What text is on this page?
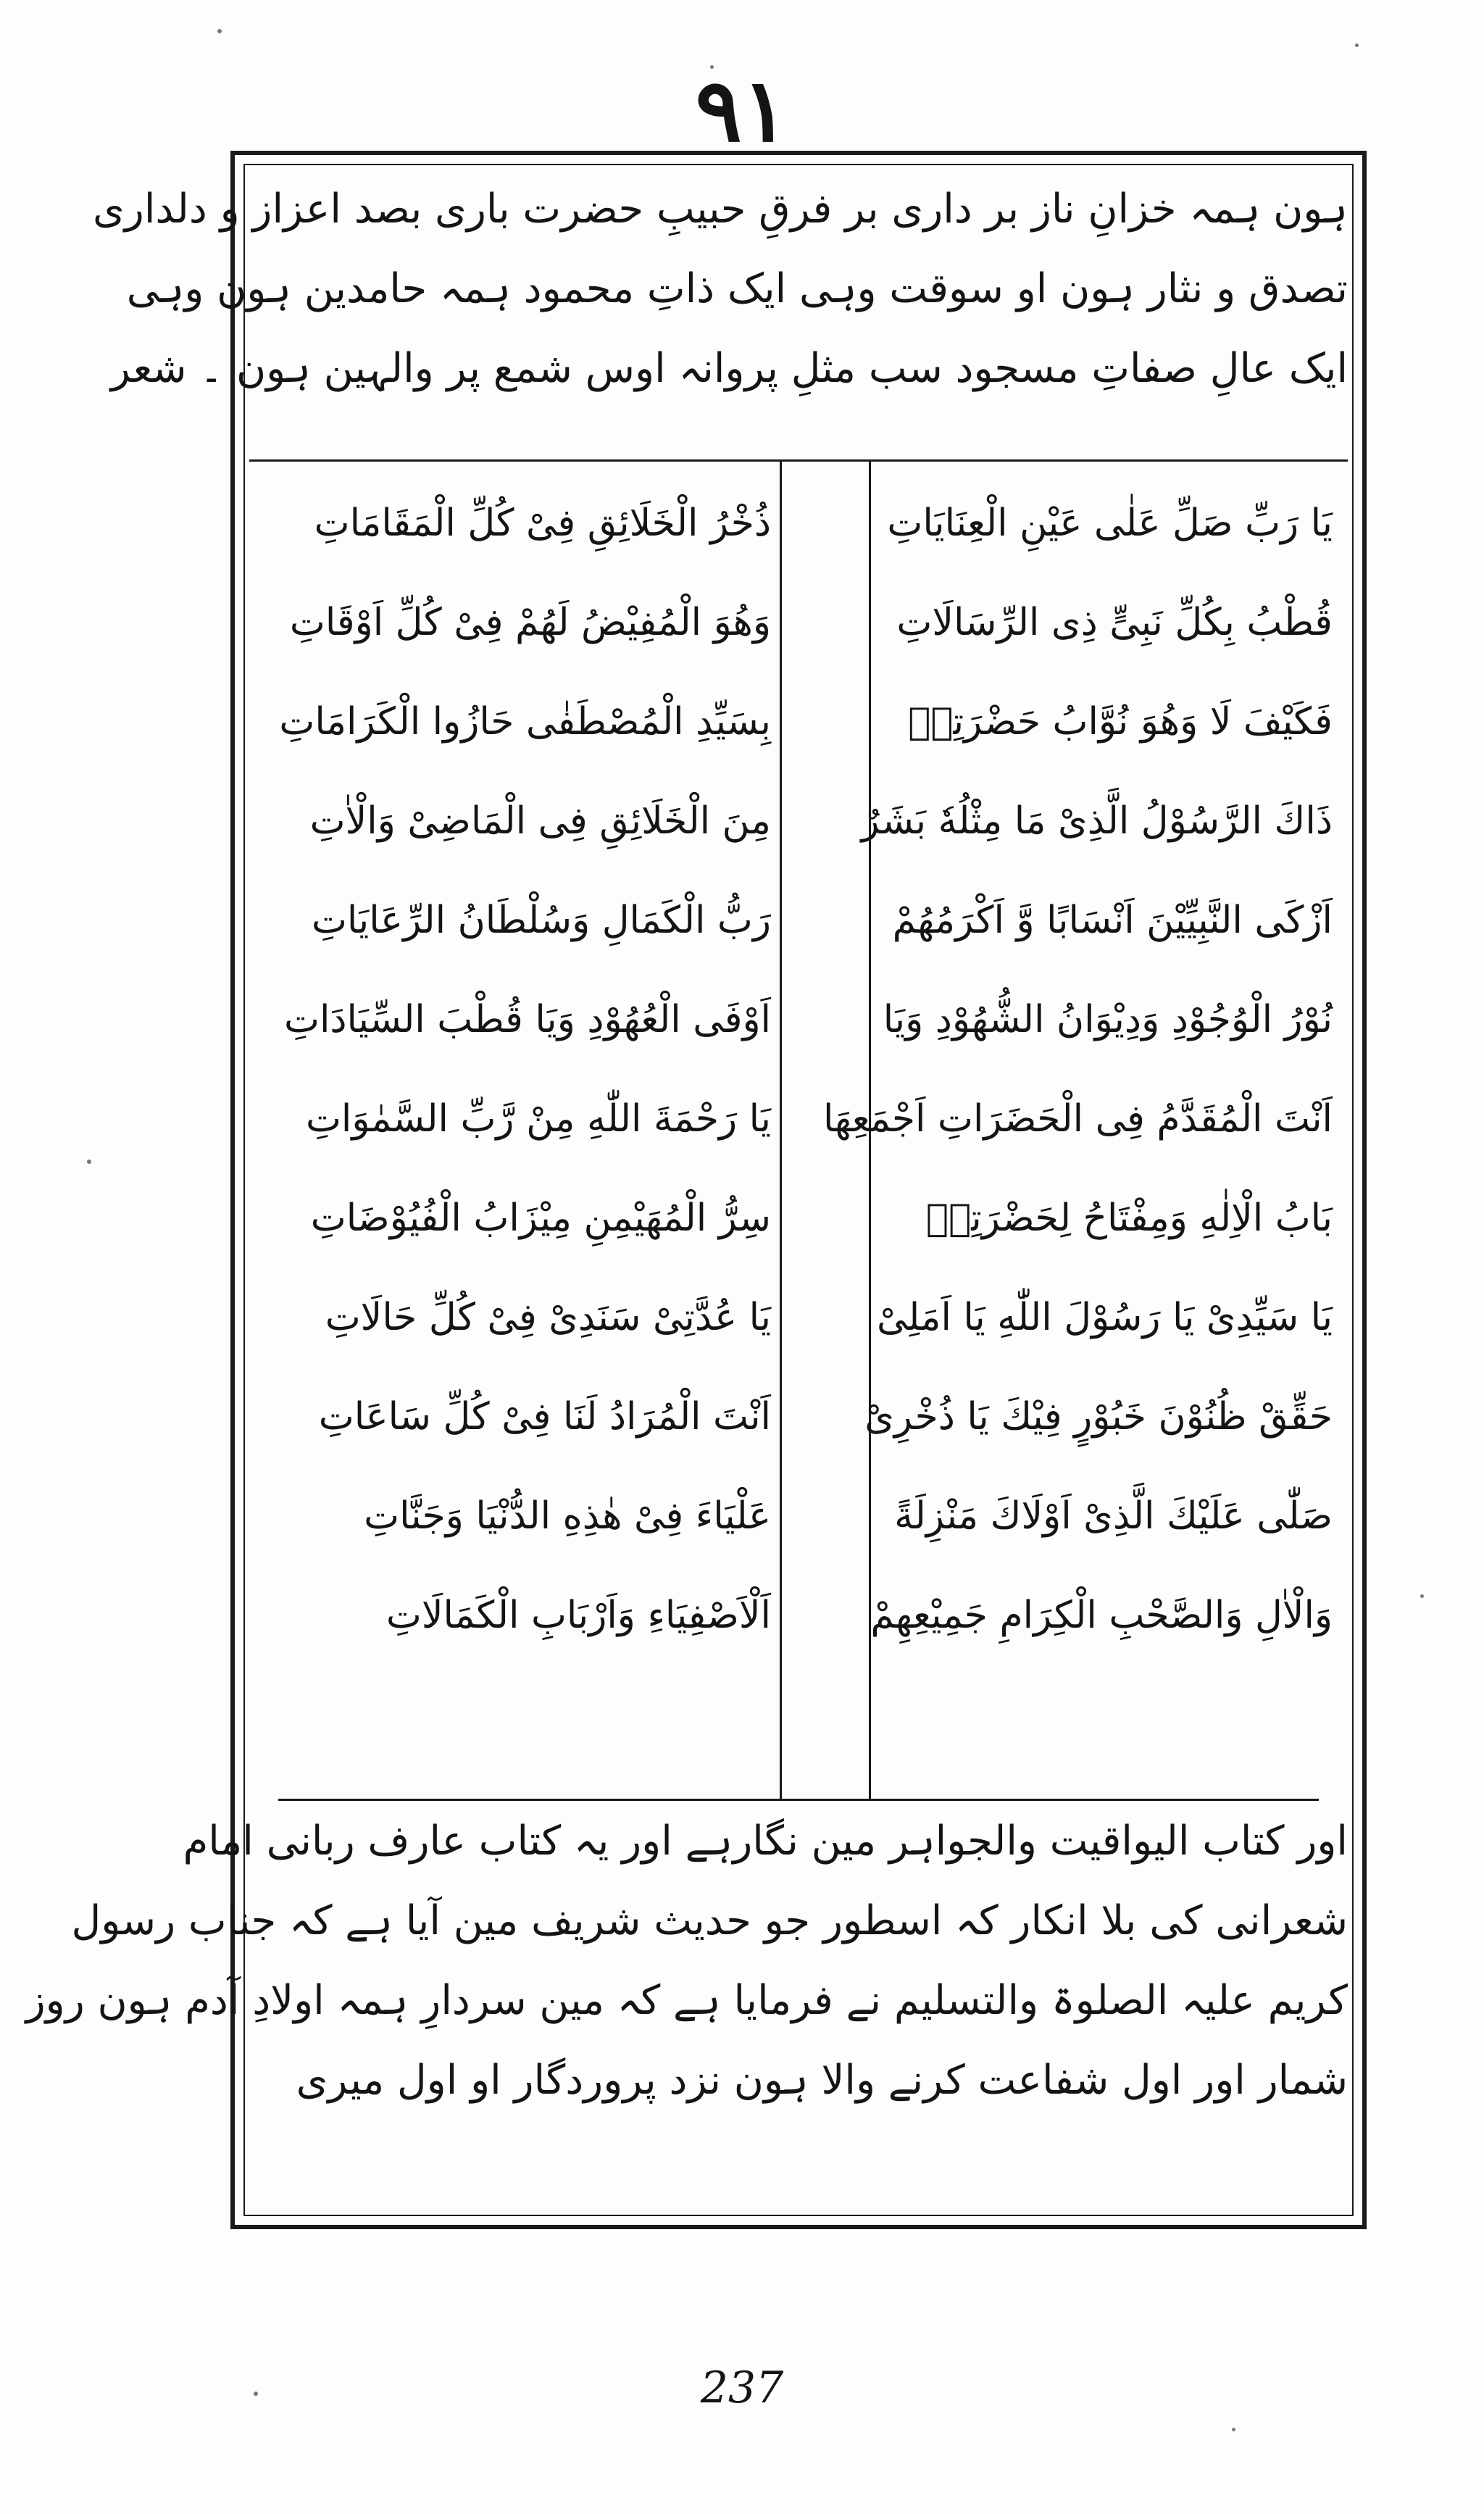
٩١
ہون ہمہ خزانِ ناز بر داری بر فرقِ حبیبِ حضرت باری بصد اعزاز و دلداری
تصدق و نثار ہون او سوقت وہی ایک ذاتِ محمود ہمہ حامدین ہون وہی
ایک عالِ صفاتِ مسجود سب مثلِ پروانہ اوس شمع پر والہین ہون ۔ شعر
یَا رَبِّ صَلِّ عَلٰی عَیْنِ الْعِنَایَاتِ
قُطْبُ بِکُلِّ نَبِیٍّ ذِی الرِّسَالَاتِ
فَکَیْفَ لَا وَهُوَ نُوَّابُ حَضْرَتِهٖ
ذَاكَ الرَّسُوْلُ الَّذِیْ مَا مِثْلُهٗ بَشَرٌ
اَزْکَی النَّبِیِّیْنَ اَنْسَابًا وَّ اَکْرَمُهُمْ
نُوْرُ الْوُجُوْدِ وَدِیْوَانُ الشُّهُوْدِ وَیَا
اَنْتَ الْمُقَدَّمُ فِی الْحَضَرَاتِ اَجْمَعِهَا
بَابُ الْاِلٰهِ وَمِفْتَاحُ لِحَضْرَتِهٖ
یَا سَیِّدِیْ یَا رَسُوْلَ اللّٰهِ یَا اَمَلِیْ
حَقِّقْ ظُنُوْنَ خَبُوْرٍ فِیْكَ یَا ذُخْرِیْ
صَلّٰی عَلَیْكَ الَّذِیْ اَوْلَاكَ مَنْزِلَةً
وَالْاٰلِ وَالصَّحْبِ الْكِرَامِ جَمِیْعِهِمْ
ذُخْرُ الْخَلَائِقِ فِیْ کُلِّ الْمَقَامَاتِ
وَهُوَ الْمُفِیْضُ لَهُمْ فِیْ کُلِّ اَوْقَاتِ
بِسَیِّدِ الْمُصْطَفٰی حَازُوا الْکَرَامَاتِ
مِنَ الْخَلَائِقِ فِی الْمَاضِیْ وَالْاٰتِ
رَبُّ الْکَمَالِ وَسُلْطَانُ الرِّعَایَاتِ
اَوْفَی الْعُهُوْدِ وَیَا قُطْبَ السِّیَادَاتِ
یَا رَحْمَةَ اللّٰهِ مِنْ رَّبِّ السَّمٰوَاتِ
سِرُّ الْمُهَیْمِنِ مِیْزَابُ الْفُیُوْضَاتِ
یَا عُدَّتِیْ سَنَدِیْ فِیْ کُلِّ حَالَاتِ
اَنْتَ الْمُرَادُ لَنَا فِیْ کُلِّ سَاعَاتِ
عَلْیَاءَ فِیْ هٰذِهِ الدُّنْیَا وَجَنَّاتِ
اَلْاَصْفِیَاءِ وَاَرْبَابِ الْکَمَالَاتِ
اور کتاب الیواقیت والجواہر مین نگارہے اور یہ کتاب عارف ربانی امام
شعرانی کی بلا انکار کہ اسطور جو حدیث شریف مین آیا ہے کہ جناب رسول
کریم علیہ الصلوۃ والتسلیم نے فرمایا ہے کہ مین سردارِ ہمہ اولادِ آدم ہون روز
شمار اور اول شفاعت کرنے والا ہون نزد پروردگار او اول میری
237
